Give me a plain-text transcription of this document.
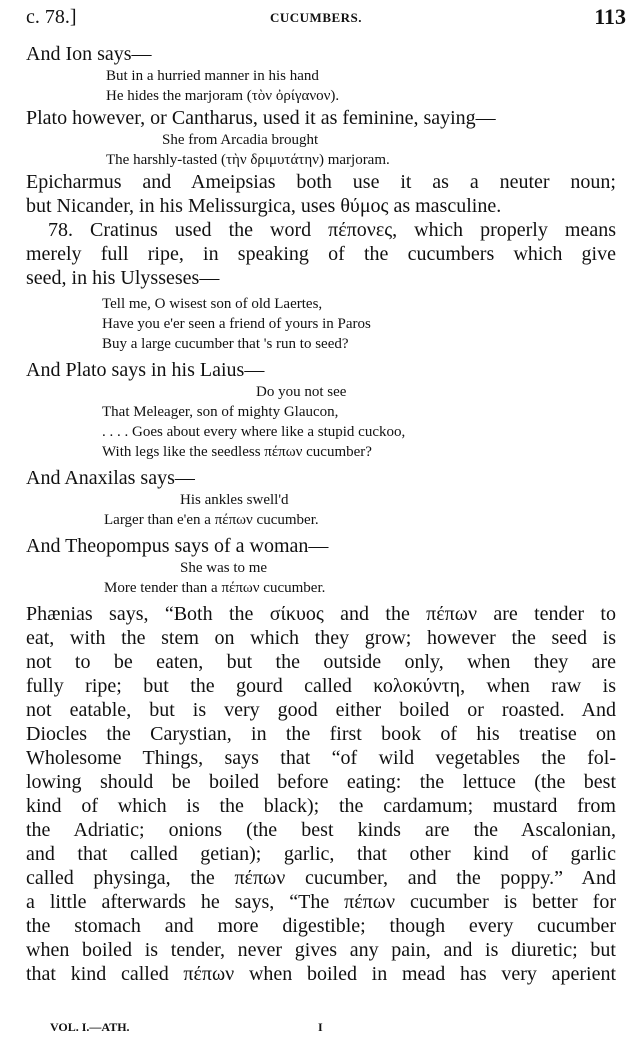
c. 78.]	CUCUMBERS.	113
And Ion says—
But in a hurried manner in his hand
He hides the marjoram (τὸν ὀρίγανον).
Plato however, or Cantharus, used it as feminine, saying—
She from Arcadia brought
The harshly-tasted (τὴν δριμυτάτην) marjoram.
Epicharmus and Ameipsias both use it as a neuter noun;
but Nicander, in his Melissurgica, uses θύμος as masculine.
78. Cratinus used the word πέπονες, which properly means
merely full ripe, in speaking of the cucumbers which give
seed, in his Ulysseses—
Tell me, O wisest son of old Laertes,
Have you e'er seen a friend of yours in Paros
Buy a large cucumber that 's run to seed?
And Plato says in his Laius—
Do you not see
That Meleager, son of mighty Glaucon,
. . . . Goes about every where like a stupid cuckoo,
With legs like the seedless πέπων cucumber?
And Anaxilas says—
His ankles swell'd
Larger than e'en a πέπων cucumber.
And Theopompus says of a woman—
She was to me
More tender than a πέπων cucumber.
Phænias says, “Both the σίκυος and the πέπων are tender to
eat, with the stem on which they grow; however the seed is
not to be eaten, but the outside only, when they are
fully ripe; but the gourd called κολοκύντη, when raw is
not eatable, but is very good either boiled or roasted. And
Diocles the Carystian, in the first book of his treatise on
Wholesome Things, says that “of wild vegetables the fol-
lowing should be boiled before eating: the lettuce (the best
kind of which is the black); the cardamum; mustard from
the Adriatic; onions (the best kinds are the Ascalonian,
and that called getian); garlic, that other kind of garlic
called physinga, the πέπων cucumber, and the poppy.” And
a little afterwards he says, “The πέπων cucumber is better for
the stomach and more digestible; though every cucumber
when boiled is tender, never gives any pain, and is diuretic; but
that kind called πέπων when boiled in mead has very aperient
VOL. I.—ATH.	I
